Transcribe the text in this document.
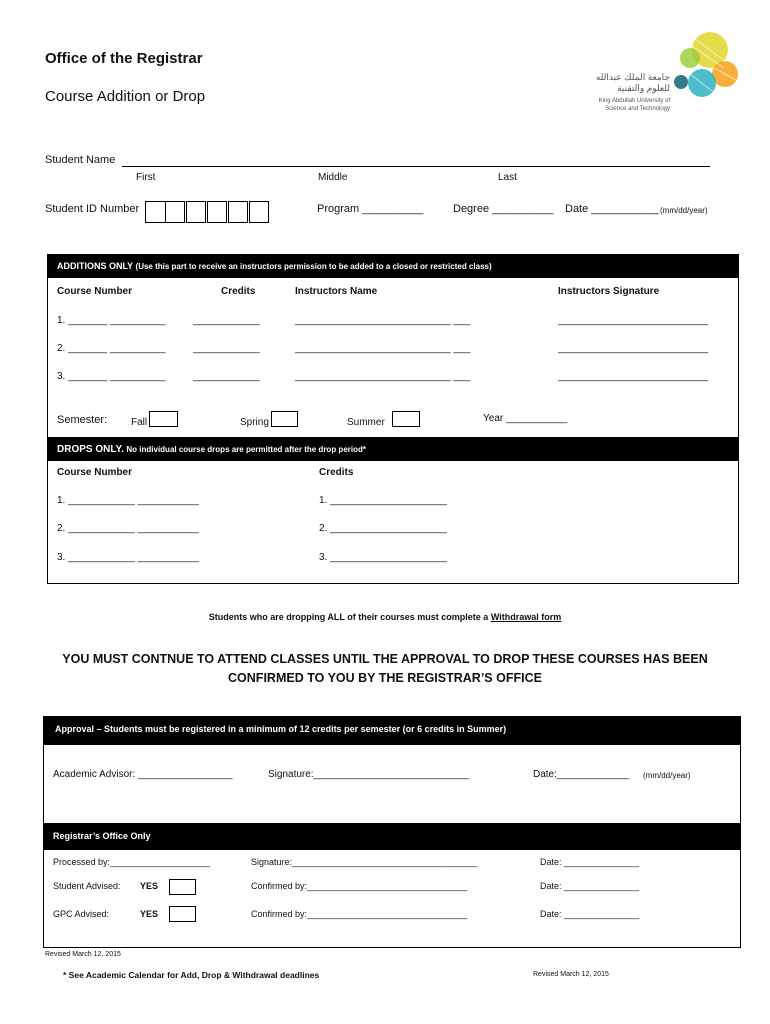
Office of the Registrar
Course Addition or Drop
جامعة الملك عبدالله للعلوم والتقنية
King Abdullah University of
Science and Technology
Student Name
First	Middle	Last
Student ID Number	Program __________	Degree __________ Date ___________ (mm/dd/year)
ADDITIONS ONLY (Use this part to receive an instructors permission to be added to a closed or restricted class)
Course Number	Credits	Instructors Name	Instructors Signature
1. _______ __________	____________	____________________________ ___	___________________________
2. _______ __________	____________	____________________________ ___	___________________________
3. _______ __________	____________	____________________________ ___	___________________________
Semester: Fall	Spring	Summer	Year ___________
DROPS ONLY. No individual course drops are permitted after the drop period*
Course Number	Credits
1. ____________ ___________	1. _____________________
2. ____________ ___________	2. _____________________
3. ____________ ___________	3. _____________________
Students who are dropping ALL of their courses must complete a Withdrawal form
YOU MUST CONTNUE TO ATTEND CLASSES UNTIL THE APPROVAL TO DROP THESE COURSES HAS BEEN
CONFIRMED TO YOU BY THE REGISTRAR’S OFFICE
Approval – Students must be registered in a minimum of 12 credits per semester (or 6 credits in Summer)
Academic Advisor: _________________	Signature:____________________________	Date:_____________ (mm/dd/year)
Registrar’s Office Only
Processed by:____________________	Signature:_____________________________________	Date: _______________
Student Advised: YES	Confirmed by:________________________________	Date: _______________
GPC Advised:	YES	Confirmed by:________________________________	Date: _______________
Revised March 12, 2015
* See Academic Calendar for Add, Drop & Withdrawal deadlines	Revised March 12, 2015
